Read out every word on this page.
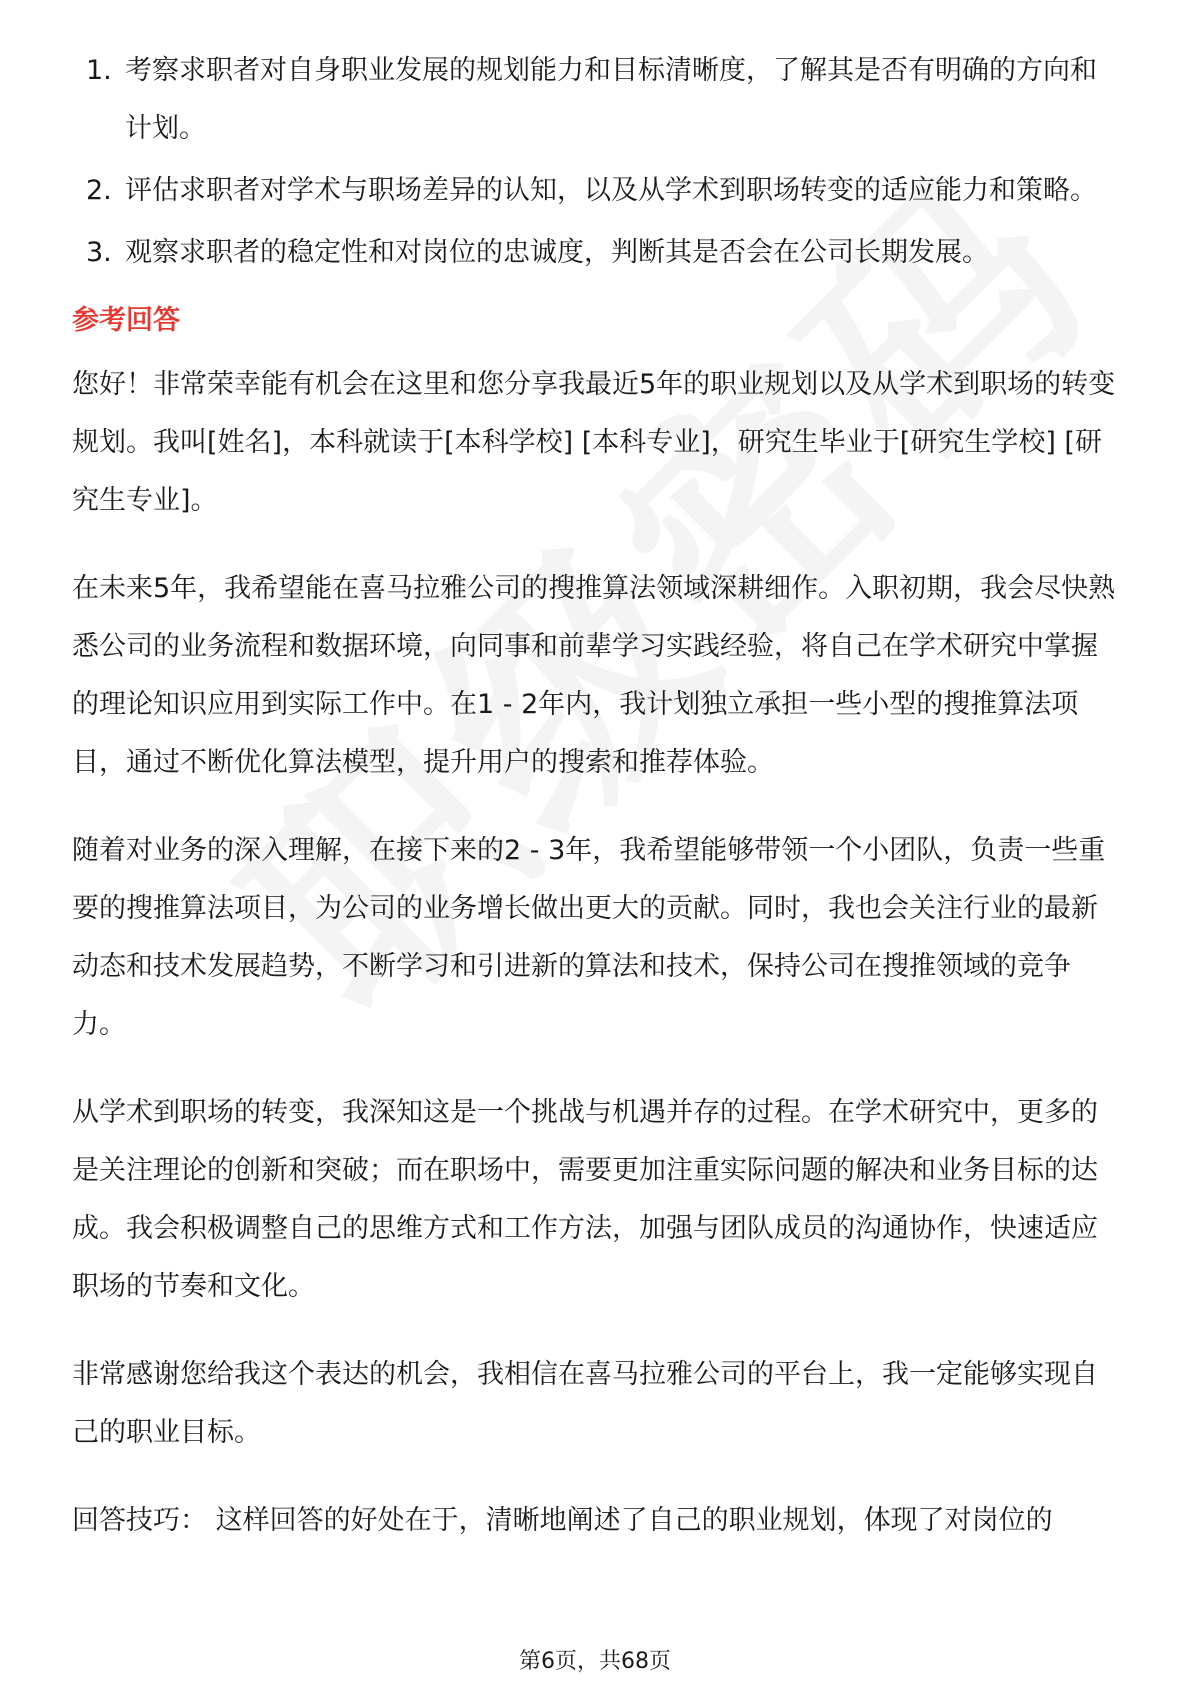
1. 考察求职者对自身职业发展的规划能力和目标清晰度，了解其是否有明确的方向和计划。
2. 评估求职者对学术与职场差异的认知，以及从学术到职场转变的适应能力和策略。
3. 观察求职者的稳定性和对岗位的忠诚度，判断其是否会在公司长期发展。
参考回答

您好！非常荣幸能有机会在这里和您分享我最近5年的职业规划以及从学术到职场的转变规划。我叫[姓名]，本科就读于[本科学校] [本科专业]，研究生毕业于[研究生学校] [研究生专业]。

在未来5年，我希望能在喜马拉雅公司的搜推算法领域深耕细作。入职初期，我会尽快熟悉公司的业务流程和数据环境，向同事和前辈学习实践经验，将自己在学术研究中掌握的理论知识应用到实际工作中。在1 - 2年内，我计划独立承担一些小型的搜推算法项目，通过不断优化算法模型，提升用户的搜索和推荐体验。

随着对业务的深入理解，在接下来的2 - 3年，我希望能够带领一个小团队，负责一些重要的搜推算法项目，为公司的业务增长做出更大的贡献。同时，我也会关注行业的最新动态和技术发展趋势，不断学习和引进新的算法和技术，保持公司在搜推领域的竞争力。

从学术到职场的转变，我深知这是一个挑战与机遇并存的过程。在学术研究中，更多的是关注理论的创新和突破；而在职场中，需要更加注重实际问题的解决和业务目标的达成。我会积极调整自己的思维方式和工作方法，加强与团队成员的沟通协作，快速适应职场的节奏和文化。

非常感谢您给我这个表达的机会，我相信在喜马拉雅公司的平台上，我一定能够实现自己的职业目标。

回答技巧： 这样回答的好处在于，清晰地阐述了自己的职业规划，体现了对岗位的

第6页，共68页
